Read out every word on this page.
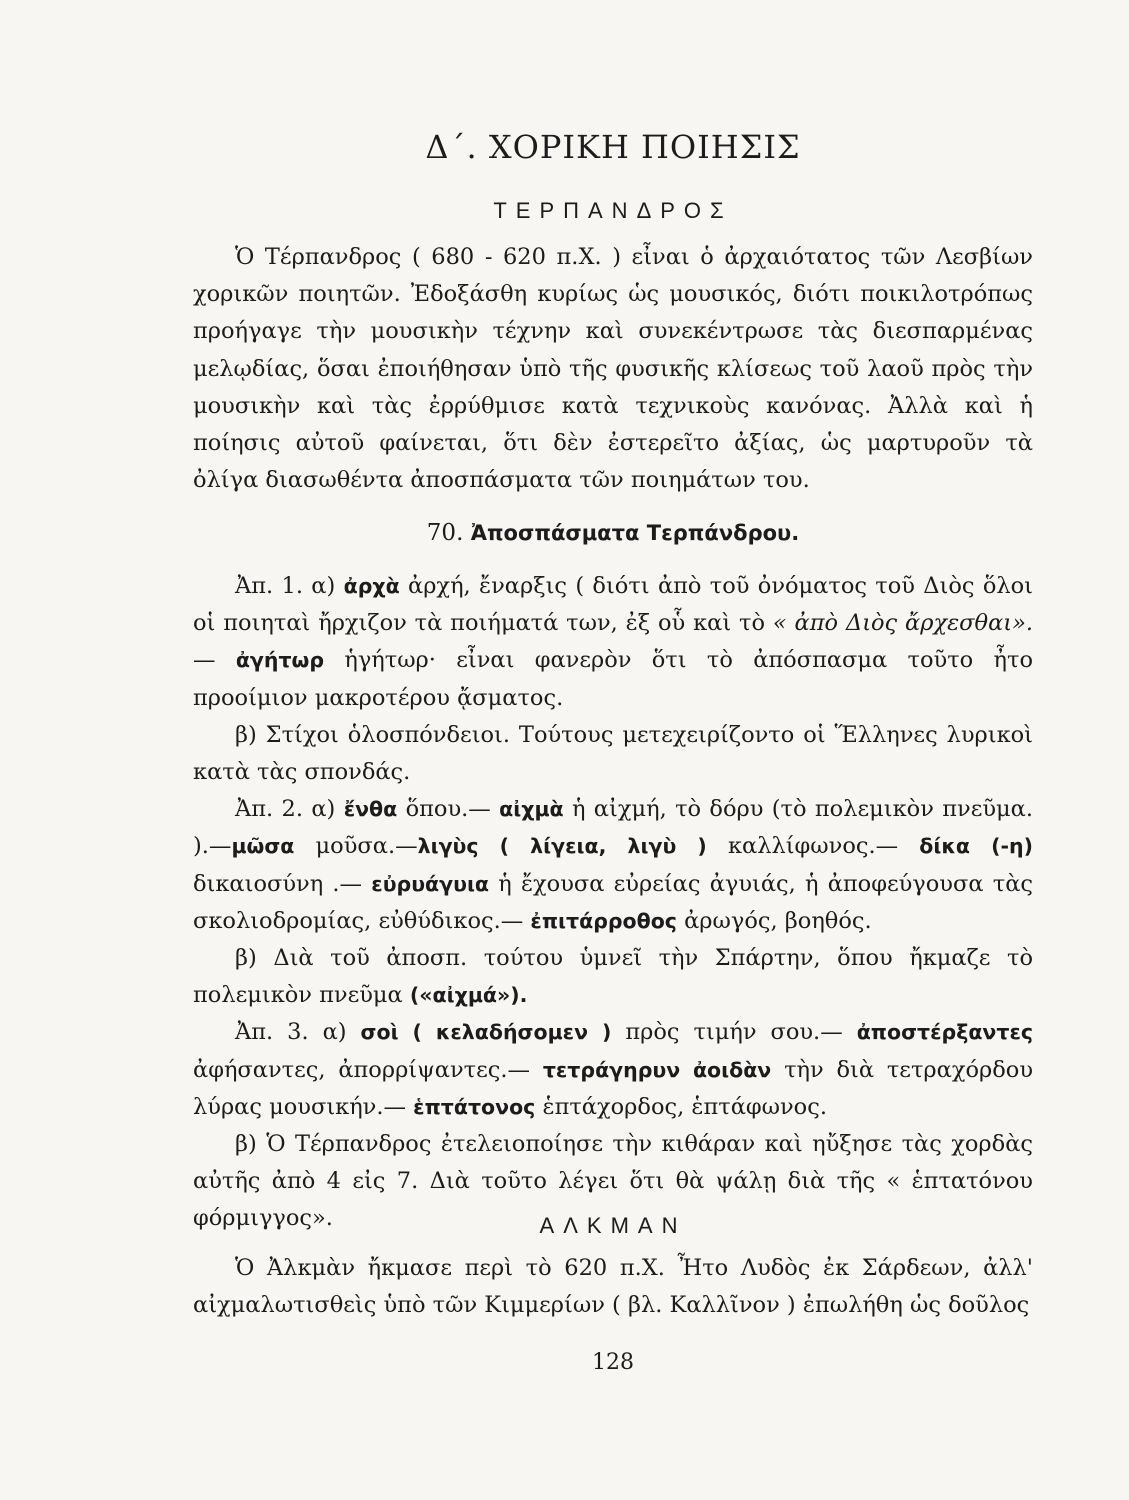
Δ΄. ΧΟΡΙΚΗ ΠΟΙΗΣΙΣ
ΤΕΡΠΑΝΔΡΟΣ

Ὁ Τέρπανδρος ( 680 - 620 π.Χ. ) εἶναι ὁ ἀρχαιότατος τῶν Λεσβίων χορικῶν ποιητῶν. Ἐδοξάσθη κυρίως ὡς μουσικός, διότι ποικιλοτρόπως προήγαγε τὴν μουσικὴν τέχνην καὶ συνεκέντρωσε τὰς διεσπαρμένας μελῳδίας, ὅσαι ἐποιήθησαν ὑπὸ τῆς φυσικῆς κλίσεως τοῦ λαοῦ πρὸς τὴν μουσικὴν καὶ τὰς ἐρρύθμισε κατὰ τεχνικοὺς κανόνας. Ἀλλὰ καὶ ἡ ποίησις αὐτοῦ φαίνεται, ὅτι δὲν ἐστερεῖτο ἀξίας, ὡς μαρτυροῦν τὰ ὀλίγα διασωθέντα ἀποσπάσματα τῶν ποιημάτων του.

70. Ἀποσπάσματα Τερπάνδρου.

Ἀπ. 1. α) ἀρχὰ ἀρχή, ἔναρξις ( διότι ἀπὸ τοῦ ὀνόματος τοῦ Διὸς ὅλοι οἱ ποιηταὶ ἤρχιζον τὰ ποιήματά των, ἐξ οὗ καὶ τὸ « ἀπὸ Διὸς ἄρχεσθαι».— ἀγήτωρ ἡγήτωρ· εἶναι φανερὸν ὅτι τὸ ἀπόσπασμα τοῦτο ἦτο προοίμιον μακροτέρου ᾄσματος.

β) Στίχοι ὁλοσπόνδειοι. Τούτους μετεχειρίζοντο οἱ Ἕλληνες λυρικοὶ κατὰ τὰς σπονδάς.

Ἀπ. 2. α) ἔνθα ὅπου.— αἰχμὰ ἡ αἰχμή, τὸ δόρυ (τὸ πολεμικὸν πνεῦμα. ).—μῶσα μοῦσα.—λιγὺς ( λίγεια, λιγὺ ) καλλίφωνος.— δίκα (-η) δικαιοσύνη .— εὐρυάγυια ἡ ἔχουσα εὐρείας ἀγυιάς, ἡ ἀποφεύγουσα τὰς σκολιοδρομίας, εὐθύδικος.— ἐπιτάρροθος ἀρωγός, βοηθός.

β) Διὰ τοῦ ἀποσπ. τούτου ὑμνεῖ τὴν Σπάρτην, ὅπου ἤκμαζε τὸ πολεμικὸν πνεῦμα («αἰχμά»).

Ἀπ. 3. α) σοὶ ( κελαδήσομεν ) πρὸς τιμήν σου.— ἀποστέρξαντες ἀφήσαντες, ἀπορρίψαντες.— τετράγηρυν ἀοιδὰν τὴν διὰ τετραχόρδου λύρας μουσικήν.— ἑπτάτονος ἑπτάχορδος, ἑπτάφωνος.

β) Ὁ Τέρπανδρος ἐτελειοποίησε τὴν κιθάραν καὶ ηὔξησε τὰς χορδὰς αὐτῆς ἀπὸ 4 εἰς 7. Διὰ τοῦτο λέγει ὅτι θὰ ψάλῃ διὰ τῆς « ἑπτατόνου φόρμιγγος».	ΑΛΚΜΑΝ

Ὁ Ἀλκμὰν ἤκμασε περὶ τὸ 620 π.Χ. Ἦτο Λυδὸς ἐκ Σάρδεων, ἀλλ' αἰχμαλωτισθεὶς ὑπὸ τῶν Κιμμερίων ( βλ. Καλλῖνον ) ἐπωλήθη ὡς δοῦλος

128
